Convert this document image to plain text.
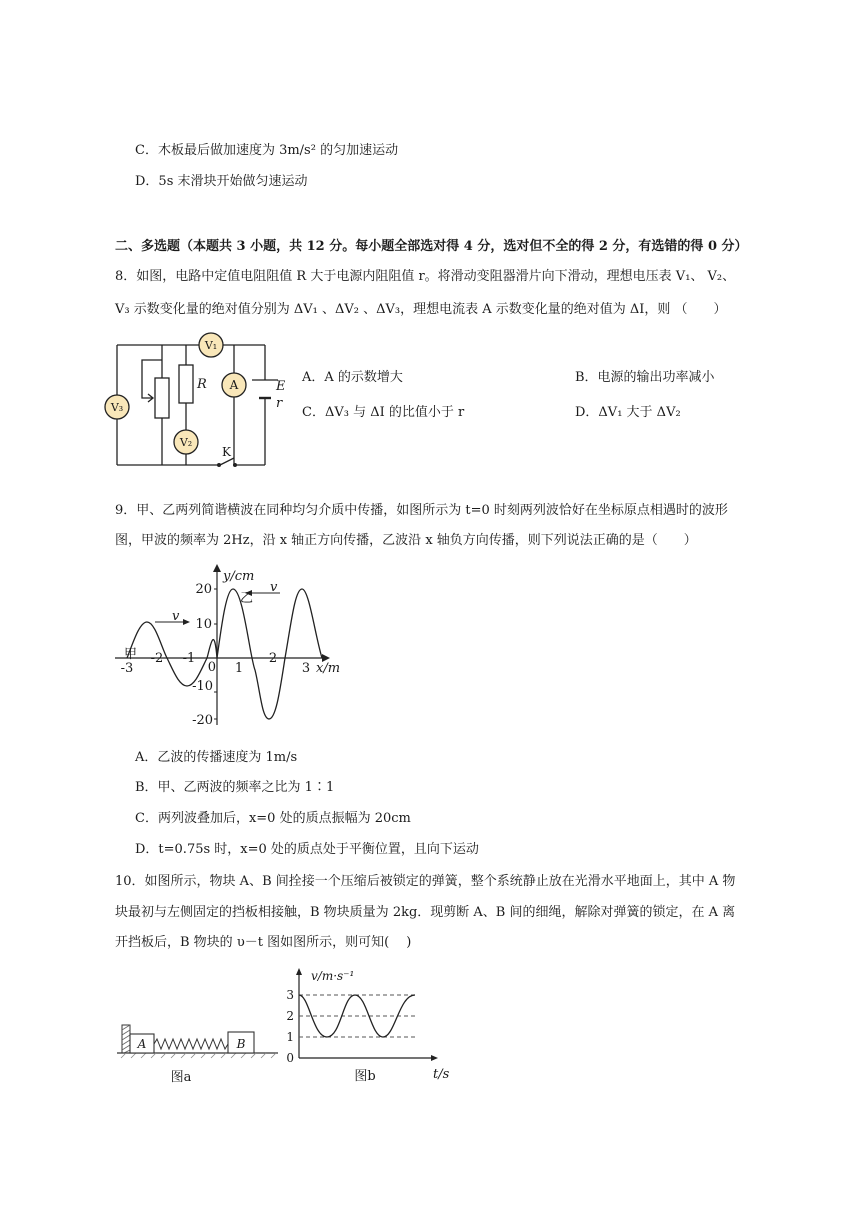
C．木板最后做加速度为 3m/s² 的匀加速运动
D．5s 末滑块开始做匀速运动
二、多选题（本题共 3 小题，共 12 分。每小题全部选对得 4 分，选对但不全的得 2 分，有选错的得 0 分）
8．如图，电路中定值电阻阻值 R 大于电源内阻阻值 r。将滑动变阻器滑片向下滑动，理想电压表 V₁、 V₂、
V₃ 示数变化量的绝对值分别为 ΔV₁ 、ΔV₂ 、ΔV₃，理想电流表 A 示数变化量的绝对值为 ΔI，则 （　　）
V₃
V₁
A
V₂
R	E
r
K
A．A 的示数增大	B．电源的输出功率减小
C．ΔV₃ 与 ΔI 的比值小于 r	D．ΔV₁ 大于 ΔV₂
9．甲、乙两列简谐横波在同种均匀介质中传播，如图所示为 t=0 时刻两列波恰好在坐标原点相遇时的波形
图，甲波的频率为 2Hz，沿 x 轴正方向传播，乙波沿 x 轴负方向传播，则下列说法正确的是（　　）
y/cm
x/m
甲
乙
v
v
20
10
0
-10
-20
-3
-2 -1
1
2
3
A．乙波的传播速度为 1m/s
B．甲、乙两波的频率之比为 1∶1
C．两列波叠加后，x=0 处的质点振幅为 20cm
D．t=0.75s 时，x=0 处的质点处于平衡位置，且向下运动
10．如图所示，物块 A、B 间拴接一个压缩后被锁定的弹簧，整个系统静止放在光滑水平地面上，其中 A 物
块最初与左侧固定的挡板相接触，B 物块质量为 2kg．现剪断 A、B 间的细绳，解除对弹簧的锁定，在 A 离
开挡板后，B 物块的 υ－t 图如图所示，则可知(　 )
A	B
图a
v/m·s⁻¹
t/s
3
2
1
0
图b
